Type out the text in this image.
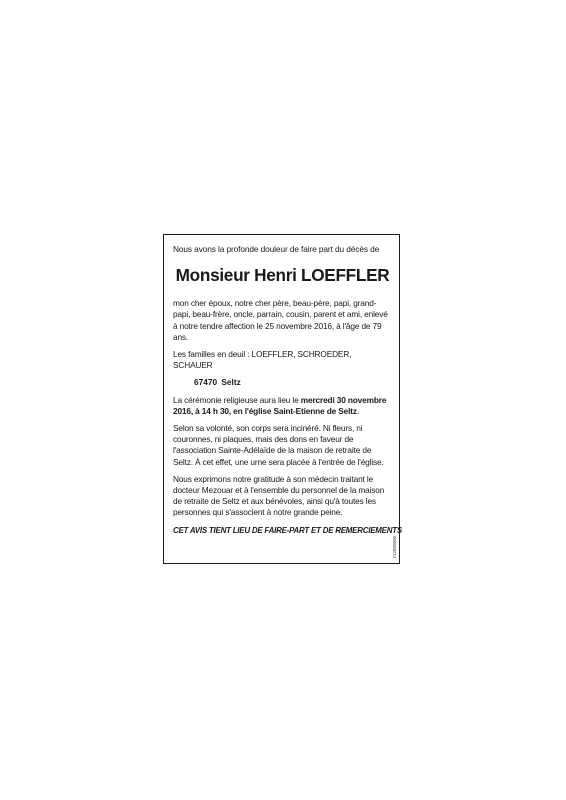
Nous avons la profonde douleur de faire part du décès de
Monsieur Henri LOEFFLER

mon cher époux, notre cher père, beau-père, papi, grand-papi, beau-frère, oncle, parrain, cousin, parent et ami, enlevé à notre tendre affection le 25 novembre 2016, à l'âge de 79 ans.

Les familles en deuil : LOEFFLER, SCHROEDER, SCHAUER

67470 Seltz

La cérémonie religieuse aura lieu le mercredi 30 novembre 2016, à 14 h 30, en l'église Saint-Etienne de Seltz.

Selon sa volonté, son corps sera incinéré. Ni fleurs, ni couronnes, ni plaques, mais des dons en faveur de l'association Sainte-Adélaïde de la maison de retraite de Seltz. À cet effet, une urne sera placée à l'entrée de l'église.

Nous exprimons notre gratitude à son médecin traitant le docteur Mezouar et à l'ensemble du personnel de la maison de retraite de Seltz et aux bénévoles, ainsi qu'à toutes les personnes qui s'associent à notre grande peine.

CET AVIS TIENT LIEU DE FAIRE-PART ET DE REMERCIEMENTS
712850500
